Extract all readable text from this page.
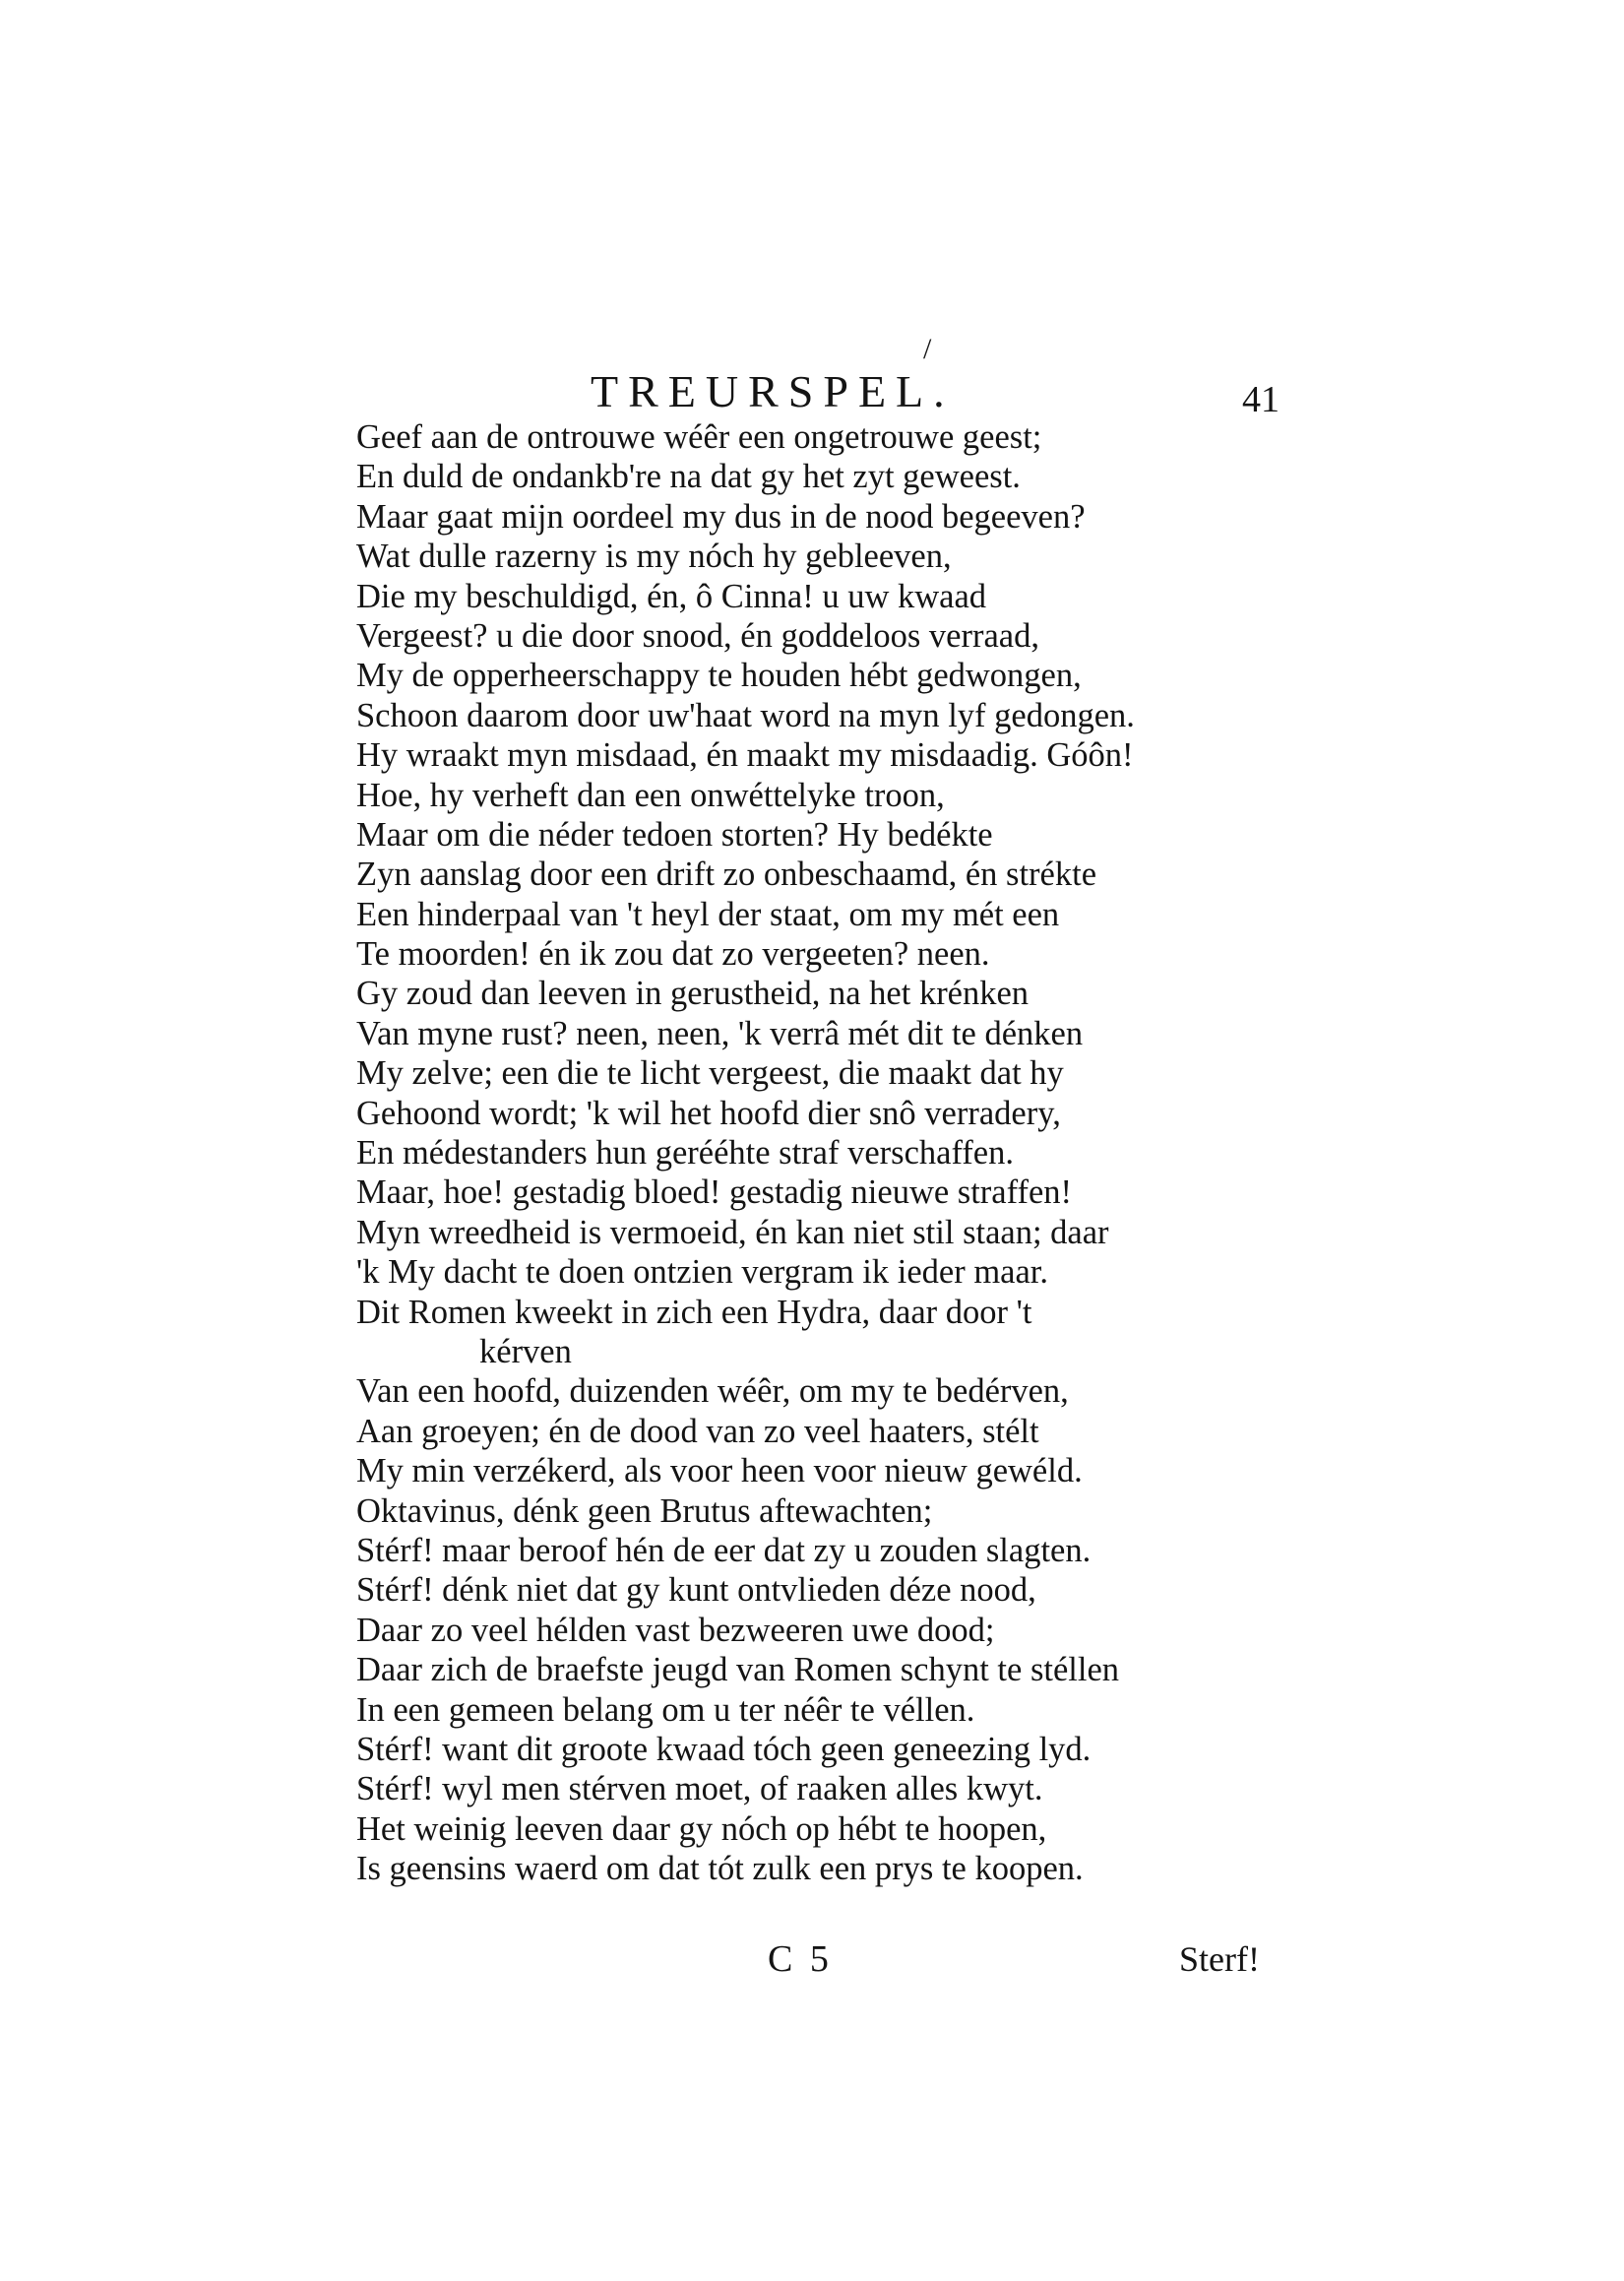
/
TREURSPEL.	41
Geef aan de ontrouwe wéêr een ongetrouwe geest;
En duld de ondankb're na dat gy het zyt geweest.
Maar gaat mijn oordeel my dus in de nood begeeven?
Wat dulle razerny is my nóch hy gebleeven,
Die my beschuldigd, én, ô Cinna! u uw kwaad
Vergeest? u die door snood, én goddeloos verraad,
My de opperheerschappy te houden hébt gedwongen,
Schoon daarom door uw'haat word na myn lyf gedongen.
Hy wraakt myn misdaad, én maakt my misdaadig. Góôn!
Hoe, hy verheft dan een onwéttelyke troon,
Maar om die néder tedoen storten? Hy bedékte
Zyn aanslag door een drift zo onbeschaamd, én strékte
Een hinderpaal van 't heyl der staat, om my mét een
Te moorden! én ik zou dat zo vergeeten? neen.
Gy zoud dan leeven in gerustheid, na het krénken
Van myne rust? neen, neen, 'k verrâ mét dit te dénken
My zelve; een die te licht vergeest, die maakt dat hy
Gehoond wordt; 'k wil het hoofd dier snô verradery,
En médestanders hun gerééhte straf verschaffen.
Maar, hoe! gestadig bloed! gestadig nieuwe straffen!
Myn wreedheid is vermoeid, én kan niet stil staan; daar
'k My dacht te doen ontzien vergram ik ieder maar.
Dit Romen kweekt in zich een Hydra, daar door 't
kérven
Van een hoofd, duizenden wéêr, om my te bedérven,
Aan groeyen; én de dood van zo veel haaters, stélt
My min verzékerd, als voor heen voor nieuw gewéld.
Oktavinus, dénk geen Brutus aftewachten;
Stérf! maar beroof hén de eer dat zy u zouden slagten.
Stérf! dénk niet dat gy kunt ontvlieden déze nood,
Daar zo veel hélden vast bezweeren uwe dood;
Daar zich de braefste jeugd van Romen schynt te stéllen
In een gemeen belang om u ter néêr te véllen.
Stérf! want dit groote kwaad tóch geen geneezing lyd.
Stérf! wyl men stérven moet, of raaken alles kwyt.
Het weinig leeven daar gy nóch op hébt te hoopen,
Is geensins waerd om dat tót zulk een prys te koopen.
C 5	Sterf!
